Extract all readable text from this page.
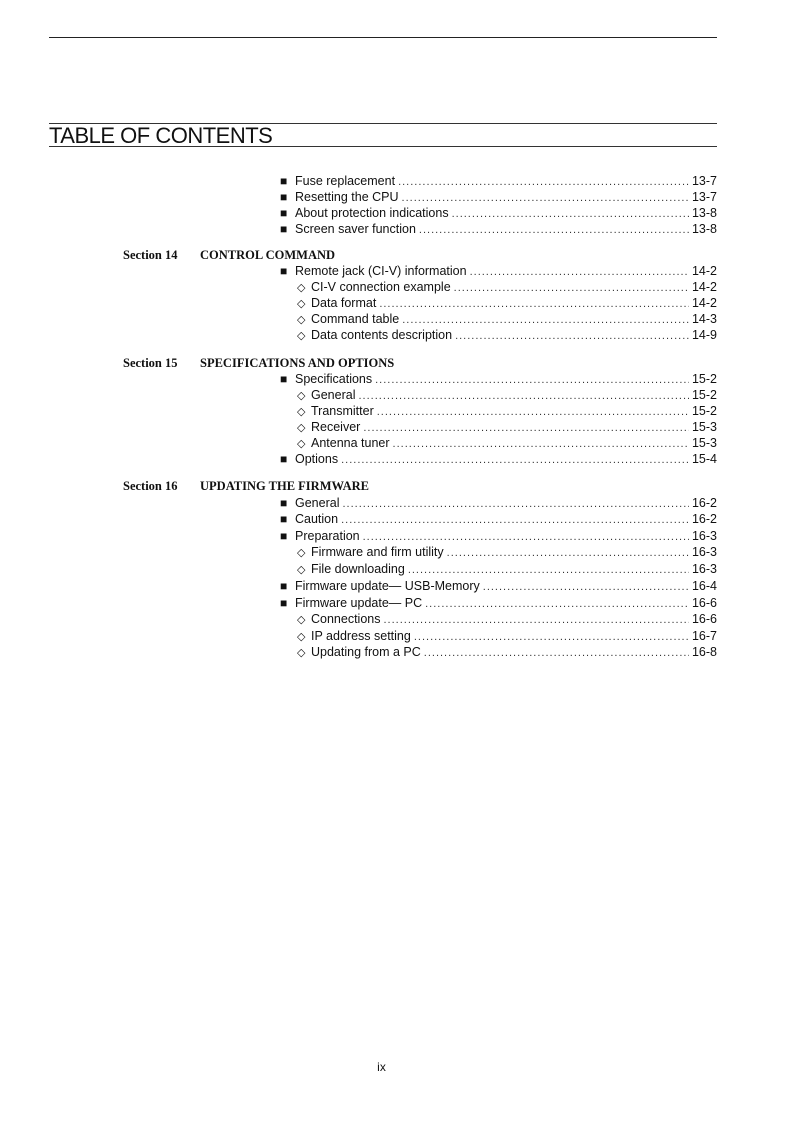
TABLE OF CONTENTS
■ Fuse replacement .....	13-7
■ Resetting the CPU .....	13-7
■ About protection indications .....	13-8
■ Screen saver function .....	13-8
Section 14	CONTROL COMMAND
■ Remote jack (CI-V) information .....	14-2
◇ CI-V connection example .....	14-2
◇ Data format .....	14-2
◇ Command table .....	14-3
◇ Data contents description .....	14-9
Section 15	SPECIFICATIONS AND OPTIONS
■ Specifications .....	15-2
◇ General .....	15-2
◇ Transmitter .....	15-2
◇ Receiver .....	15-3
◇ Antenna tuner .....	15-3
■ Options .....	15-4
Section 16	UPDATING THE FIRMWARE
■ General .....	16-2
■ Caution .....	16-2
■ Preparation .....	16-3
◇ Firmware and firm utility .....	16-3
◇ File downloading .....	16-3
■ Firmware update— USB-Memory .....	16-4
■ Firmware update— PC .....	16-6
◇ Connections .....	16-6
◇ IP address setting .....	16-7
◇ Updating from a PC .....	16-8
ix
